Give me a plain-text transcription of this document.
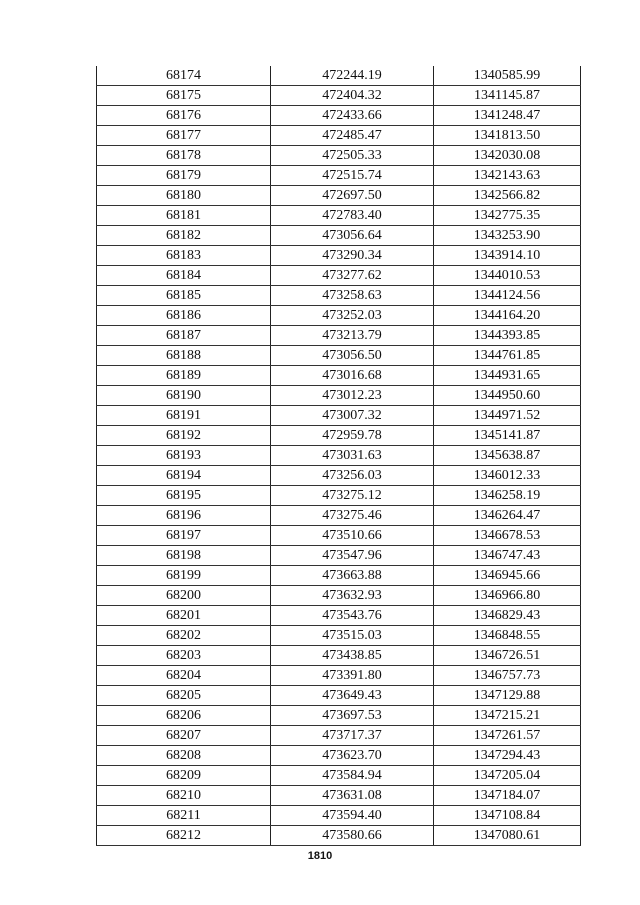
68174	472244.19	1340585.99
68175	472404.32	1341145.87
68176	472433.66	1341248.47
68177	472485.47	1341813.50
68178	472505.33	1342030.08
68179	472515.74	1342143.63
68180	472697.50	1342566.82
68181	472783.40	1342775.35
68182	473056.64	1343253.90
68183	473290.34	1343914.10
68184	473277.62	1344010.53
68185	473258.63	1344124.56
68186	473252.03	1344164.20
68187	473213.79	1344393.85
68188	473056.50	1344761.85
68189	473016.68	1344931.65
68190	473012.23	1344950.60
68191	473007.32	1344971.52
68192	472959.78	1345141.87
68193	473031.63	1345638.87
68194	473256.03	1346012.33
68195	473275.12	1346258.19
68196	473275.46	1346264.47
68197	473510.66	1346678.53
68198	473547.96	1346747.43
68199	473663.88	1346945.66
68200	473632.93	1346966.80
68201	473543.76	1346829.43
68202	473515.03	1346848.55
68203	473438.85	1346726.51
68204	473391.80	1346757.73
68205	473649.43	1347129.88
68206	473697.53	1347215.21
68207	473717.37	1347261.57
68208	473623.70	1347294.43
68209	473584.94	1347205.04
68210	473631.08	1347184.07
68211	473594.40	1347108.84
68212	473580.66	1347080.61
1810
